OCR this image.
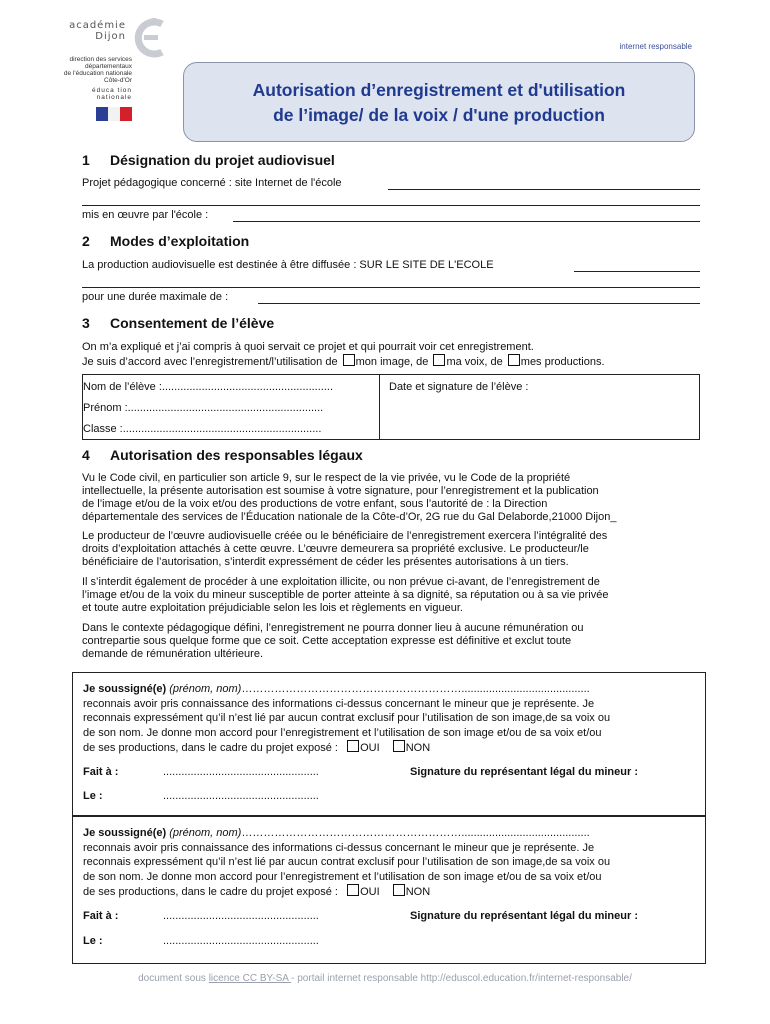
académie
Dijon
direction des services
départementaux
de l'éducation nationale
Côte-d'Or
éduca tion
nationale
internet responsable
Autorisation d’enregistrement et d'utilisation
de l’image/ de la voix / d'une production
1 Désignation du projet audiovisuel
Projet pédagogique concerné : site Internet de l'école
mis en œuvre par l'école :
2 Modes d’exploitation
La production audiovisuelle est destinée à être diffusée : SUR LE SITE DE L'ECOLE
pour une durée maximale de :
3 Consentement de l’élève
On m’a expliqué et j’ai compris à quoi servait ce projet et qui pourrait voir cet enregistrement.
Je suis d’accord avec l’enregistrement/l’utilisation de mon image, de ma voix, de mes productions.
Nom de l’élève :........................................................
Prénom :................................................................
Classe :.................................................................
Date et signature de l’élève :
4 Autorisation des responsables légaux
Vu le Code civil, en particulier son article 9, sur le respect de la vie privée, vu le Code de la propriété
intellectuelle, la présente autorisation est soumise à votre signature, pour l’enregistrement et la publication
de l’image et/ou de la voix et/ou des productions de votre enfant, sous l’autorité de : la Direction
départementale des services de l’Éducation nationale de la Côte-d’Or, 2G rue du Gal Delaborde,21000 Dijon_
Le producteur de l’œuvre audiovisuelle créée ou le bénéficiaire de l’enregistrement exercera l’intégralité des
droits d’exploitation attachés à cette œuvre. L’œuvre demeurera sa propriété exclusive. Le producteur/le
bénéficiaire de l’autorisation, s’interdit expressément de céder les présentes autorisations à un tiers.
Il s’interdit également de procéder à une exploitation illicite, ou non prévue ci-avant, de l’enregistrement de
l’image et/ou de la voix du mineur susceptible de porter atteinte à sa dignité, sa réputation ou à sa vie privée
et toute autre exploitation préjudiciable selon les lois et règlements en vigueur.
Dans le contexte pédagogique défini, l’enregistrement ne pourra donner lieu à aucune rémunération ou
contrepartie sous quelque forme que ce soit. Cette acceptation expresse est définitive et exclut toute
demande de rémunération ultérieure.
Je soussigné(e) (prénom, nom)……………………………………………………..........................................
reconnais avoir pris connaissance des informations ci-dessus concernant le mineur que je représente. Je
reconnais expressément qu’il n’est lié par aucun contrat exclusif pour l’utilisation de son image,de sa voix ou
de son nom. Je donne mon accord pour l’enregistrement et l’utilisation de son image et/ou de sa voix et/ou
de ses productions, dans le cadre du projet exposé : OUI NON
Fait à :	...................................................	Signature du représentant légal du mineur :
Le :	...................................................
Je soussigné(e) (prénom, nom)……………………………………………………..........................................
reconnais avoir pris connaissance des informations ci-dessus concernant le mineur que je représente. Je
reconnais expressément qu’il n’est lié par aucun contrat exclusif pour l’utilisation de son image,de sa voix ou
de son nom. Je donne mon accord pour l’enregistrement et l’utilisation de son image et/ou de sa voix et/ou
de ses productions, dans le cadre du projet exposé : OUI NON
Fait à :	...................................................	Signature du représentant légal du mineur :
Le :	...................................................
document sous licence CC BY-SA - portail internet responsable http://eduscol.education.fr/internet-responsable/
